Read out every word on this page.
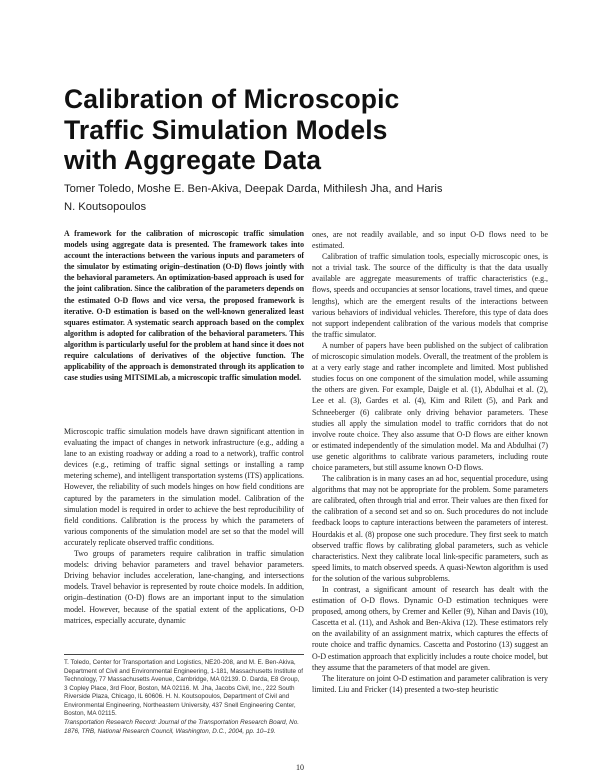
Calibration of Microscopic
Traffic Simulation Models
with Aggregate Data
Tomer Toledo, Moshe E. Ben-Akiva, Deepak Darda, Mithilesh Jha, and Haris N. Koutsopoulos

A framework for the calibration of microscopic traffic simulation models using aggregate data is presented. The framework takes into account the interactions between the various inputs and parameters of the simulator by estimating origin–destination (O-D) flows jointly with the behavioral parameters. An optimization-based approach is used for the joint calibration. Since the calibration of the parameters depends on the estimated O-D flows and vice versa, the proposed framework is iterative. O-D estimation is based on the well-known generalized least squares estimator. A systematic search approach based on the complex algorithm is adopted for calibration of the behavioral parameters. This algorithm is particularly useful for the problem at hand since it does not require calculations of derivatives of the objective function. The applicability of the approach is demonstrated through its application to case studies using MITSIMLab, a microscopic traffic simulation model.

Microscopic traffic simulation models have drawn significant attention in evaluating the impact of changes in network infrastructure (e.g., adding a lane to an existing roadway or adding a road to a network), traffic control devices (e.g., retiming of traffic signal settings or installing a ramp metering scheme), and intelligent transportation systems (ITS) applications. However, the reliability of such models hinges on how field conditions are captured by the parameters in the simulation model. Calibration of the simulation model is required in order to achieve the best reproducibility of field conditions. Calibration is the process by which the parameters of various components of the simulation model are set so that the model will accurately replicate observed traffic conditions.

Two groups of parameters require calibration in traffic simulation models: driving behavior parameters and travel behavior parameters. Driving behavior includes acceleration, lane-changing, and intersections models. Travel behavior is represented by route choice models. In addition, origin–destination (O-D) flows are an important input to the simulation model. However, because of the spatial extent of the applications, O-D matrices, especially accurate, dynamic

ones, are not readily available, and so input O-D flows need to be estimated.

Calibration of traffic simulation tools, especially microscopic ones, is not a trivial task. The source of the difficulty is that the data usually available are aggregate measurements of traffic characteristics (e.g., flows, speeds and occupancies at sensor locations, travel times, and queue lengths), which are the emergent results of the interactions between various behaviors of individual vehicles. Therefore, this type of data does not support independent calibration of the various models that comprise the traffic simulator.

A number of papers have been published on the subject of calibration of microscopic simulation models. Overall, the treatment of the problem is at a very early stage and rather incomplete and limited. Most published studies focus on one component of the simulation model, while assuming the others are given. For example, Daigle et al. (1), Abdulhai et al. (2), Lee et al. (3), Gardes et al. (4), Kim and Rilett (5), and Park and Schneeberger (6) calibrate only driving behavior parameters. These studies all apply the simulation model to traffic corridors that do not involve route choice. They also assume that O-D flows are either known or estimated independently of the simulation model. Ma and Abdulhai (7) use genetic algorithms to calibrate various parameters, including route choice parameters, but still assume known O-D flows.

The calibration is in many cases an ad hoc, sequential procedure, using algorithms that may not be appropriate for the problem. Some parameters are calibrated, often through trial and error. Their values are then fixed for the calibration of a second set and so on. Such procedures do not include feedback loops to capture interactions between the parameters of interest. Hourdakis et al. (8) propose one such procedure. They first seek to match observed traffic flows by calibrating global parameters, such as vehicle characteristics. Next they calibrate local link-specific parameters, such as speed limits, to match observed speeds. A quasi-Newton algorithm is used for the solution of the various subproblems.

In contrast, a significant amount of research has dealt with the estimation of O-D flows. Dynamic O-D estimation techniques were proposed, among others, by Cremer and Keller (9), Nihan and Davis (10), Cascetta et al. (11), and Ashok and Ben-Akiva (12). These estimators rely on the availability of an assignment matrix, which captures the effects of route choice and traffic dynamics. Cascetta and Postorino (13) suggest an O-D estimation approach that explicitly includes a route choice model, but they assume that the parameters of that model are given.

The literature on joint O-D estimation and parameter calibration is very limited. Liu and Fricker (14) presented a two-step heuristic

T. Toledo, Center for Transportation and Logistics, NE20-208, and M. E. Ben-Akiva, Department of Civil and Environmental Engineering, 1-181, Massachusetts Institute of Technology, 77 Massachusetts Avenue, Cambridge, MA 02139. D. Darda, E8 Group, 3 Copley Place, 3rd Floor, Boston, MA 02116. M. Jha, Jacobs Civil, Inc., 222 South Riverside Plaza, Chicago, IL 60606. H. N. Koutsopoulos, Department of Civil and Environmental Engineering, Northeastern University, 437 Snell Engineering Center, Boston, MA 02115.
Transportation Research Record: Journal of the Transportation Research Board, No. 1876, TRB, National Research Council, Washington, D.C., 2004, pp. 10–19.
10
